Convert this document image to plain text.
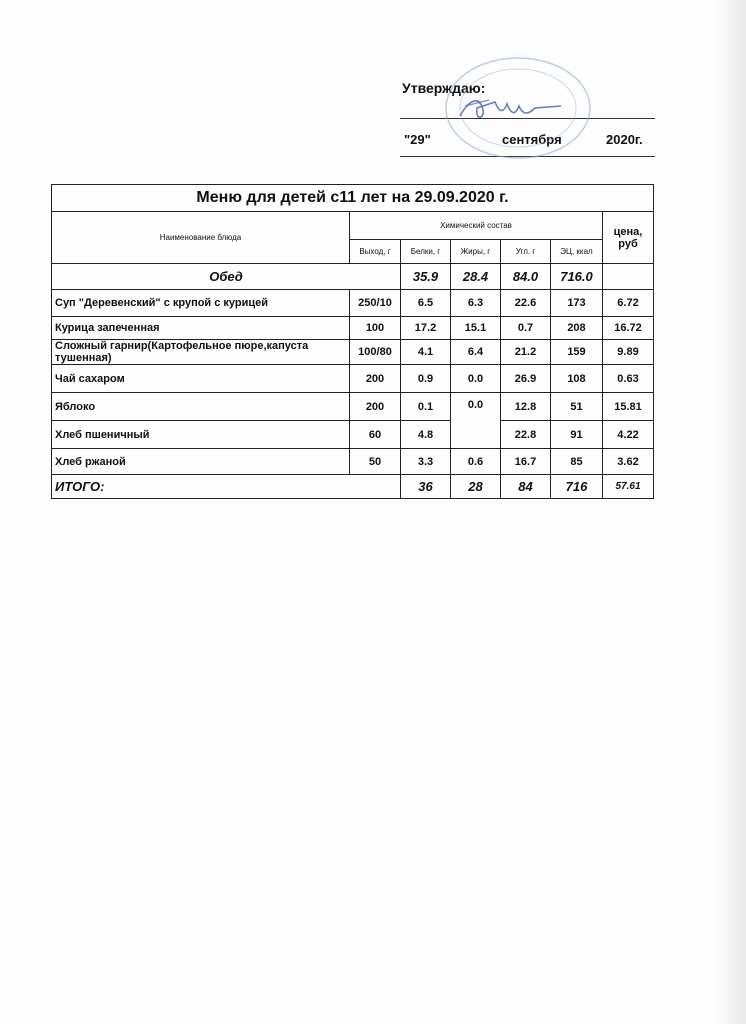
Утверждаю:
"29"	сентября	2020г.
Меню для детей с11 лет на 29.09.2020 г.						
Наименование блюда	Химический состав					цена, руб
	Выход, г	Белки, г	Жиры, г	Угл. г	ЭЦ, ккал	
Обед		35.9	28.4	84.0	716.0	
Суп "Деревенский" с крупой с курицей	250/10	6.5	6.3	22.6	173	6.72
Курица запеченная	100	17.2	15.1	0.7	208	16.72
Сложный гарнир(Картофельное пюре,капуста тушенная)	100/80	4.1	6.4	21.2	159	9.89
Чай сахаром	200	0.9	0.0	26.9	108	0.63
Яблоко	200	0.1	0.0	12.8	51	15.81
Хлеб пшеничный	60	4.8		22.8	91	4.22
Хлеб ржаной	50	3.3	0.6	16.7	85	3.62
ИТОГО:		36	28	84	716	57.61
